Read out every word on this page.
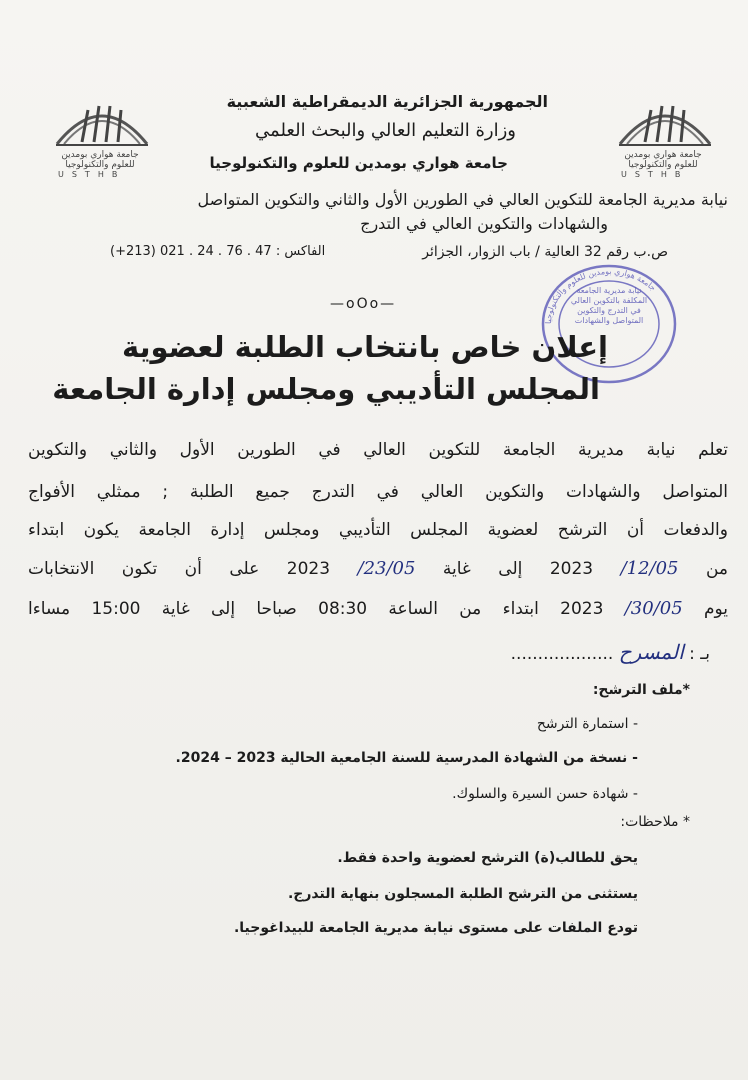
جامعة هواري بومدين للعلوم والتكنولوجيا
USTHB
جامعة هواري بومدين للعلوم والتكنولوجيا
USTHB
الجمهورية الجزائرية الديمقراطية الشعبية
وزارة التعليم العالي والبحث العلمي
جامعة هواري بومدين للعلوم والتكنولوجيا
نيابة مديرية الجامعة للتكوين العالي في الطورين الأول والثاني والتكوين المتواصل
والشهادات والتكوين العالي في التدرج
ص.ب رقم 32 العالية / باب الزوار، الجزائر
الفاكس : 47 . 76 . 24 . 021 (213+)
جامعة هواري بومدين للعلوم والتكنولوجيا
نيابة مديرية الجامعة المكلفة بالتكوين العالي في التدرج والتكوين المتواصل والشهادات
—oOo—
إعلان خاص بانتخاب الطلبة لعضوية
المجلس التأديبي ومجلس إدارة الجامعة
تعلم نيابة مديرية الجامعة للتكوين العالي في الطورين الأول والثاني والتكوين
المتواصل والشهادات والتكوين العالي في التدرج جميع الطلبة ; ممثلي الأفواج
والدفعات أن الترشح لعضوية المجلس التأديبي ومجلس إدارة الجامعة يكون ابتداء
من 12/05/ 2023 إلى غاية 23/05/ 2023 على أن تكون الانتخابات
يوم 30/05/ 2023 ابتداء من الساعة 08:30 صباحا إلى غاية 15:00 مساءا
بـ : المسرح ...................
*ملف الترشح:
- استمارة الترشح
- نسخة من الشهادة المدرسية للسنة الجامعية الحالية 2023 – 2024.
- شهادة حسن السيرة والسلوك.
* ملاحظات:
يحق للطالب(ة) الترشح لعضوية واحدة فقط.
يستثنى من الترشح الطلبة المسجلون بنهاية التدرج.
تودع الملفات على مستوى نيابة مديرية الجامعة للبيداغوجيا.
